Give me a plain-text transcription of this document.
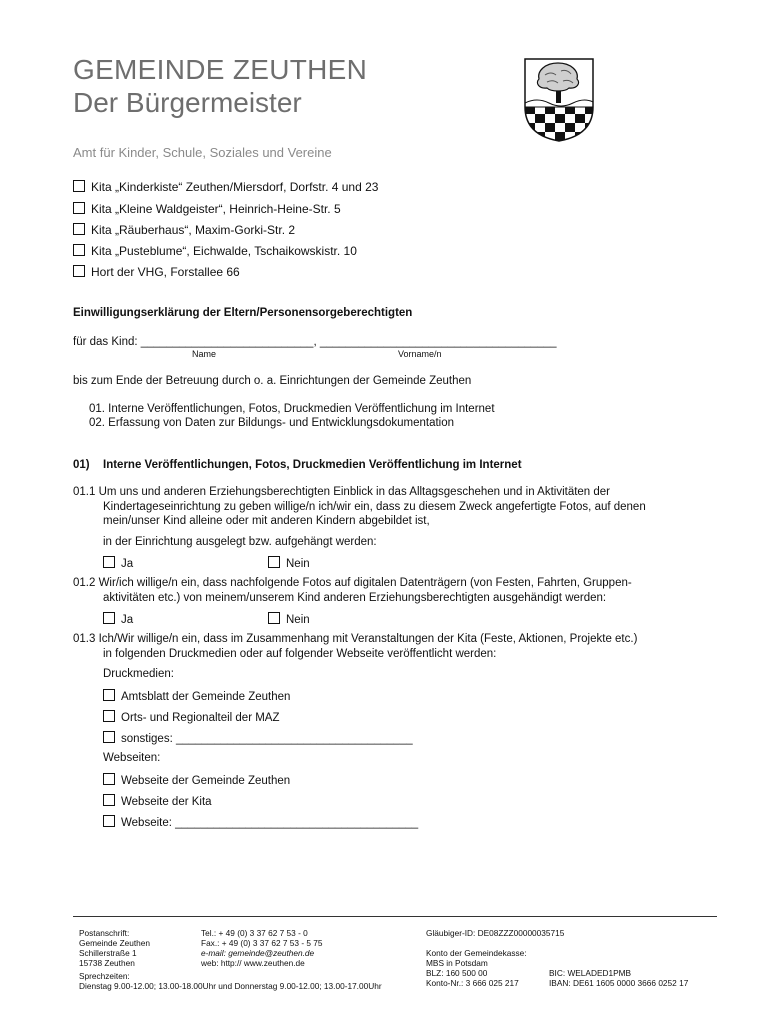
GEMEINDE ZEUTHEN
Der Bürgermeister
Amt für Kinder, Schule, Soziales und Vereine
Kita „Kinderkiste“ Zeuthen/Miersdorf, Dorfstr. 4 und 23
Kita „Kleine Waldgeister“, Heinrich-Heine-Str. 5
Kita „Räuberhaus“, Maxim-Gorki-Str. 2
Kita „Pusteblume“, Eichwalde, Tschaikowskistr. 10
Hort der VHG, Forstallee 66
Einwilligungserklärung der Eltern/Personensorgeberechtigten
für das Kind: ___________________________, _____________________________________
Name	Vorname/n
bis zum Ende der Betreuung durch o. a. Einrichtungen der Gemeinde Zeuthen
01. Interne Veröffentlichungen, Fotos, Druckmedien Veröffentlichung im Internet
02. Erfassung von Daten zur Bildungs- und Entwicklungsdokumentation
01) Interne Veröffentlichungen, Fotos, Druckmedien Veröffentlichung im Internet
01.1 Um uns und anderen Erziehungsberechtigten Einblick in das Alltagsgeschehen und in Aktivitäten der
Kindertageseinrichtung zu geben willige/n ich/wir ein, dass zu diesem Zweck angefertigte Fotos, auf denen
mein/unser Kind alleine oder mit anderen Kindern abgebildet ist,
in der Einrichtung ausgelegt bzw. aufgehängt werden:
Ja	Nein
01.2 Wir/ich willige/n ein, dass nachfolgende Fotos auf digitalen Datenträgern (von Festen, Fahrten, Gruppen-
aktivitäten etc.) von meinem/unserem Kind anderen Erziehungsberechtigten ausgehändigt werden:
Ja	Nein
01.3 Ich/Wir willige/n ein, dass im Zusammenhang mit Veranstaltungen der Kita (Feste, Aktionen, Projekte etc.)
in folgenden Druckmedien oder auf folgender Webseite veröffentlicht werden:
Druckmedien:
Amtsblatt der Gemeinde Zeuthen
Orts- und Regionalteil der MAZ
sonstiges: _____________________________________
Webseiten:
Webseite der Gemeinde Zeuthen
Webseite der Kita
Webseite: ______________________________________
Postanschrift:
Gemeinde Zeuthen
Schillerstraße 1
15738 Zeuthen
Sprechzeiten:
Dienstag 9.00-12.00; 13.00-18.00Uhr und Donnerstag 9.00-12.00; 13.00-17.00Uhr
Tel.: + 49 (0) 3 37 62 7 53 - 0
Fax.: + 49 (0) 3 37 62 7 53 - 5 75
e-mail: gemeinde@zeuthen.de
web: http:// www.zeuthen.de
Gläubiger-ID: DE08ZZZ00000035715
Konto der Gemeindekasse:
MBS in Potsdam
BLZ: 160 500 00
Konto-Nr.: 3 666 025 217
BIC: WELADED1PMB
IBAN: DE61 1605 0000 3666 0252 17
